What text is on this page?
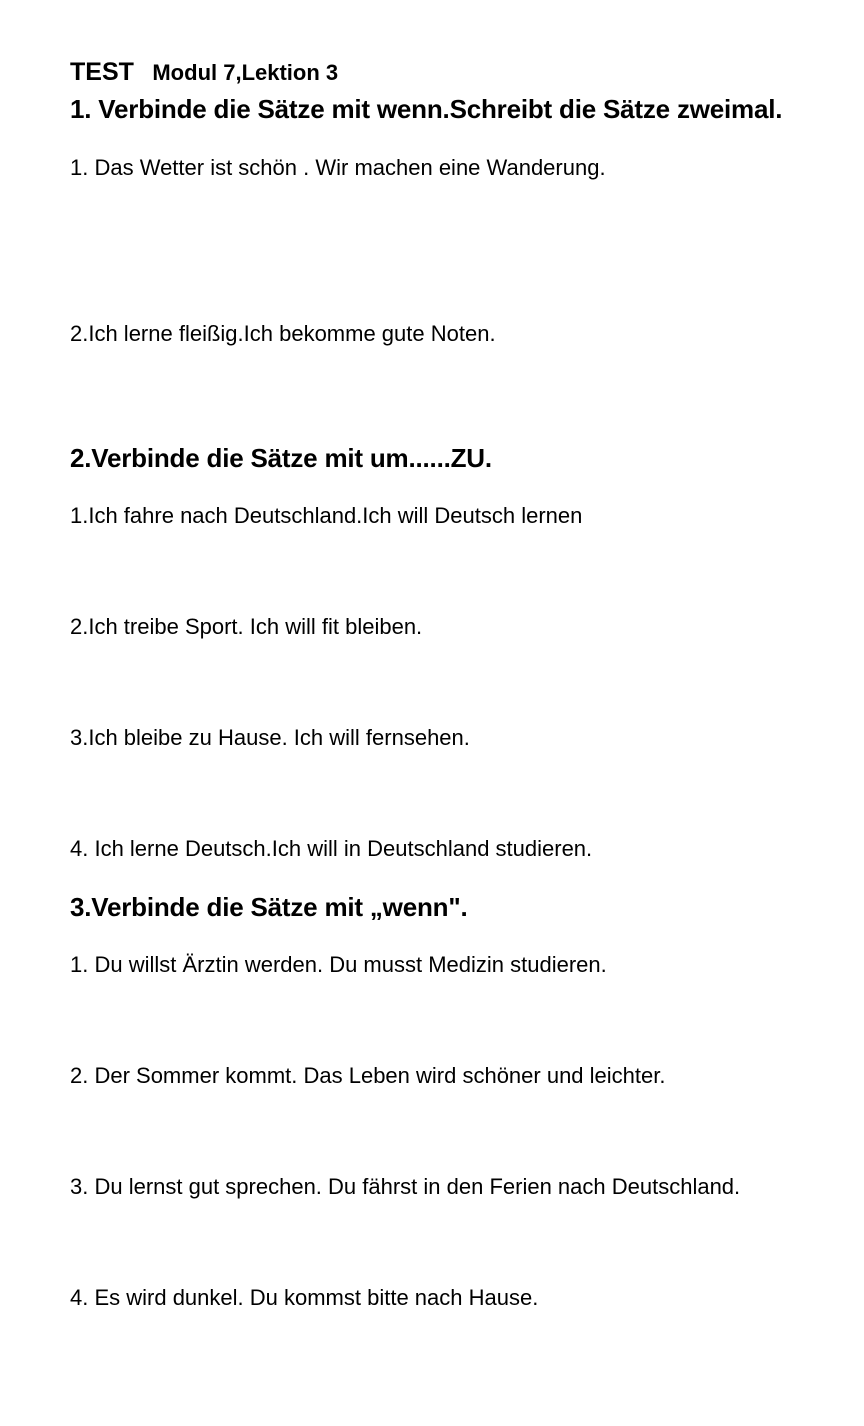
TEST Modul 7,Lektion 3
1. Verbinde die Sätze mit wenn.Schreibt die Sätze zweimal.
1. Das Wetter ist schön . Wir machen eine Wanderung.
2.Ich lerne fleißig.Ich bekomme gute Noten.
2.Verbinde die Sätze mit um......ZU.
1.Ich fahre nach Deutschland.Ich will Deutsch lernen
2.Ich treibe Sport. Ich will fit bleiben.
3.Ich bleibe zu Hause. Ich will fernsehen.
4. Ich lerne Deutsch.Ich will in Deutschland studieren.
3.Verbinde die Sätze mit „wenn".
1. Du willst Ärztin werden. Du musst Medizin studieren.
2. Der Sommer kommt. Das Leben wird schöner und leichter.
3. Du lernst gut sprechen. Du fährst in den Ferien nach Deutschland.
4. Es wird dunkel. Du kommst bitte nach Hause.
